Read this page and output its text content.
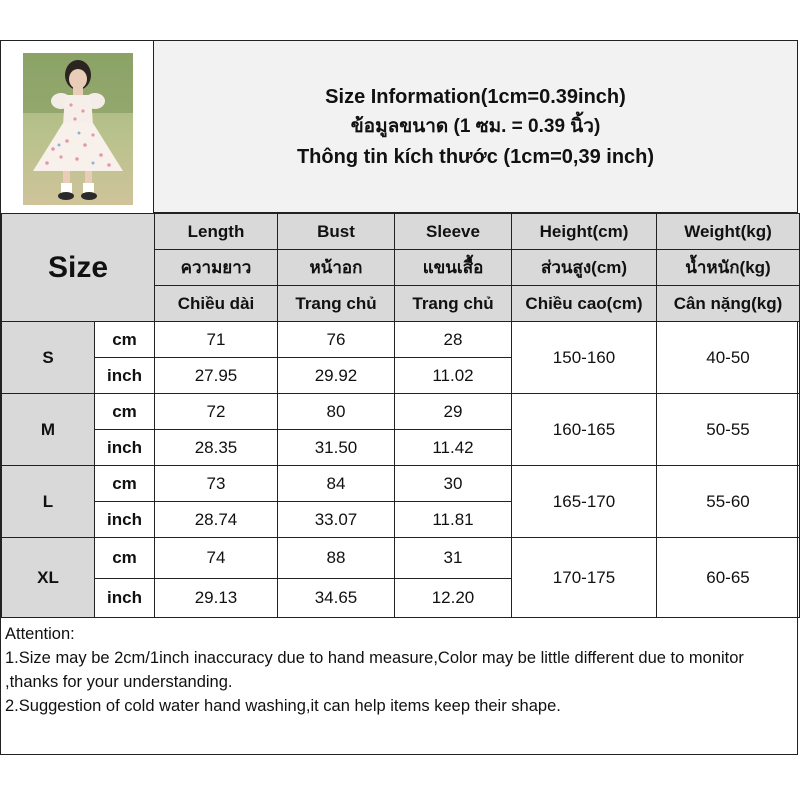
Size Information(1cm=0.39inch)
ข้อมูลขนาด (1 ซม. = 0.39 นิ้ว)
Thông tin kích thước (1cm=0,39 inch)
Size		Length	Bust	Sleeve	Height(cm)	Weight(kg)
		ความยาว	หน้าอก	แขนเสื้อ	ส่วนสูง(cm)	น้ำหนัก(kg)
		Chiều dài	Trang chủ	Trang chủ	Chiều cao(cm)	Cân nặng(kg)
S	cm	71	76	28	150-160	40-50
	inch	27.95	29.92	11.02		
M	cm	72	80	29	160-165	50-55
	inch	28.35	31.50	11.42		
L	cm	73	84	30	165-170	55-60
	inch	28.74	33.07	11.81		
XL	cm	74	88	31	170-175	60-65
	inch	29.13	34.65	12.20		
Attention:
1.Size may be 2cm/1inch inaccuracy due to hand measure,Color may be little different due to monitor ,thanks for your understanding.
2.Suggestion of cold water hand washing,it can help items keep their shape.
